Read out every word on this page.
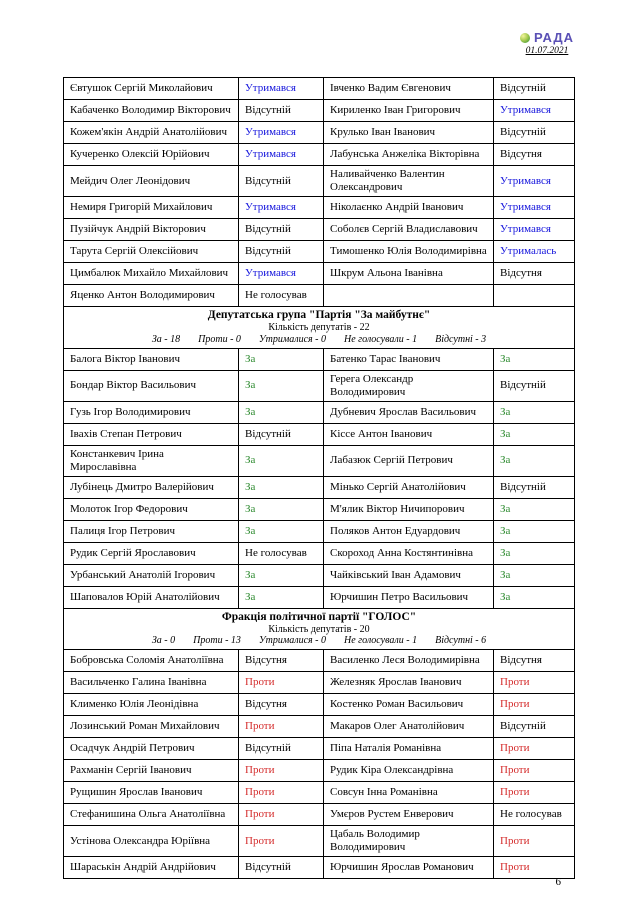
РАДА
01.07.2021
Євтушок Сергій Миколайович	Утримався	Івченко Вадим Євгенович	Відсутній
Кабаченко Володимир Вікторович	Відсутній	Кириленко Іван Григорович	Утримався
Кожем'якін Андрій Анатолійович	Утримався	Крулько Іван Іванович	Відсутній
Кучеренко Олексій Юрійович	Утримався	Лабунська Анжеліка Вікторівна	Відсутня
Мейдич Олег Леонідович	Відсутній	Наливайченко Валентин Олександрович	Утримався
Немиря Григорій Михайлович	Утримався	Ніколаєнко Андрій Іванович	Утримався
Пузійчук Андрій Вікторович	Відсутній	Соболєв Сергій Владиславович	Утримався
Тарута Сергій Олексійович	Відсутній	Тимошенко Юлія Володимирівна	Утрималась
Цимбалюк Михайло Михайлович	Утримався	Шкрум Альона Іванівна	Відсутня
Яценко Антон Володимирович	Не голосував		

Депутатська група "Партія "За майбутнє"
Кількість депутатів - 22
За - 18 Проти - 0 Утрималися - 0 Не голосували - 1 Відсутні - 3

Балога Віктор Іванович	За	Батенко Тарас Іванович	За
Бондар Віктор Васильович	За	Герега Олександр Володимирович	Відсутній
Гузь Ігор Володимирович	За	Дубневич Ярослав Васильович	За
Івахів Степан Петрович	Відсутній	Кіссе Антон Іванович	За
Констанкевич Ірина Мирославівна	За	Лабазюк Сергій Петрович	За
Лубінець Дмитро Валерійович	За	Мінько Сергій Анатолійович	Відсутній
Молоток Ігор Федорович	За	М'ялик Віктор Ничипорович	За
Палиця Ігор Петрович	За	Поляков Антон Едуардович	За
Рудик Сергій Ярославович	Не голосував	Скороход Анна Костянтинівна	За
Урбанський Анатолій Ігорович	За	Чайківський Іван Адамович	За
Шаповалов Юрій Анатолійович	За	Юрчишин Петро Васильович	За

Фракція політичної партії "ГОЛОС"
Кількість депутатів - 20
За - 0 Проти - 13 Утрималися - 0 Не голосували - 1 Відсутні - 6

Бобровська Соломія Анатоліївна	Відсутня	Василенко Леся Володимирівна	Відсутня
Васильченко Галина Іванівна	Проти	Железняк Ярослав Іванович	Проти
Клименко Юлія Леонідівна	Відсутня	Костенко Роман Васильович	Проти
Лозинський Роман Михайлович	Проти	Макаров Олег Анатолійович	Відсутній
Осадчук Андрій Петрович	Відсутній	Піпа Наталія Романівна	Проти
Рахманін Сергій Іванович	Проти	Рудик Кіра Олександрівна	Проти
Рущишин Ярослав Іванович	Проти	Совсун Інна Романівна	Проти
Стефанишина Ольга Анатоліївна	Проти	Умєров Рустем Енверович	Не голосував
Устінова Олександра Юріївна	Проти	Цабаль Володимир Володимирович	Проти
Шараськін Андрій Андрійович	Відсутній	Юрчишин Ярослав Романович	Проти
6
